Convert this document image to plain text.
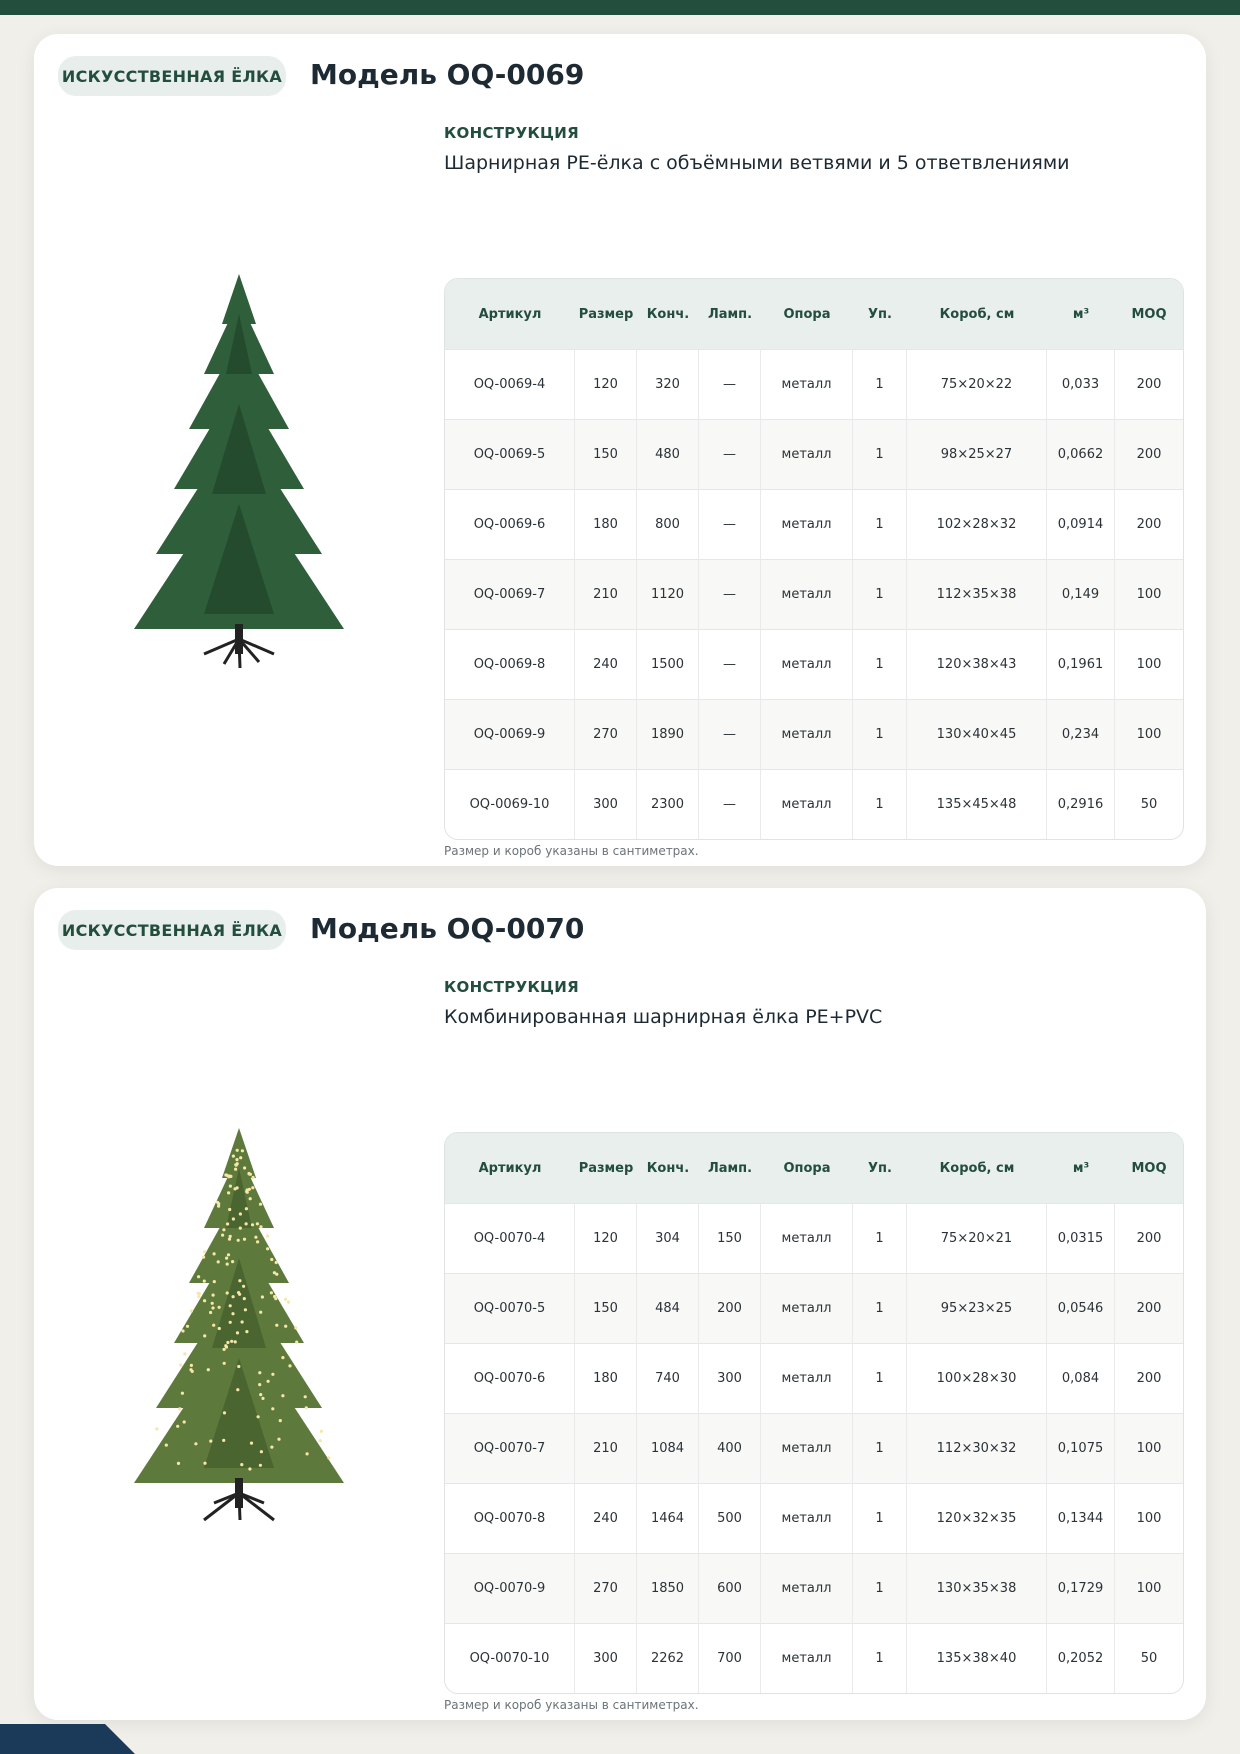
ИСКУССТВЕННАЯ ЁЛКА Модель OQ-0069
КОНСТРУКЦИЯ
Шарнирная PE-ёлка с объёмными ветвями и 5 ответвлениями
Артикул	Размер	Конч.	Ламп.	Опора	Уп.	Короб, см	м³	MOQ
OQ-0069-4	120	320	—	металл	1	75×20×22	0,033	200
OQ-0069-5	150	480	—	металл	1	98×25×27	0,0662	200
OQ-0069-6	180	800	—	металл	1	102×28×32	0,0914	200
OQ-0069-7	210	1120	—	металл	1	112×35×38	0,149	100
OQ-0069-8	240	1500	—	металл	1	120×38×43	0,1961	100
OQ-0069-9	270	1890	—	металл	1	130×40×45	0,234	100
OQ-0069-10	300	2300	—	металл	1	135×45×48	0,2916	50
Размер и короб указаны в сантиметрах.
ИСКУССТВЕННАЯ ЁЛКА Модель OQ-0070
КОНСТРУКЦИЯ
Комбинированная шарнирная ёлка PE+PVC
Артикул	Размер	Конч.	Ламп.	Опора	Уп.	Короб, см	м³	MOQ
OQ-0070-4	120	304	150	металл	1	75×20×21	0,0315	200
OQ-0070-5	150	484	200	металл	1	95×23×25	0,0546	200
OQ-0070-6	180	740	300	металл	1	100×28×30	0,084	200
OQ-0070-7	210	1084	400	металл	1	112×30×32	0,1075	100
OQ-0070-8	240	1464	500	металл	1	120×32×35	0,1344	100
OQ-0070-9	270	1850	600	металл	1	130×35×38	0,1729	100
OQ-0070-10	300	2262	700	металл	1	135×38×40	0,2052	50
Размер и короб указаны в сантиметрах.
